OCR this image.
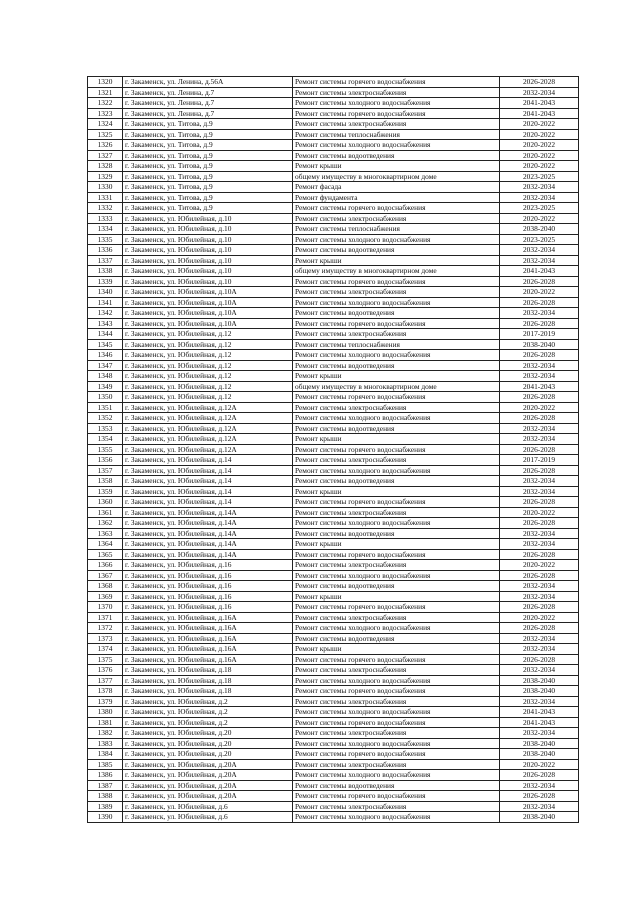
1320	г. Закаменск, ул. Ленина, д.56А	Ремонт системы горячего водоснабжения	2026-2028
1321	г. Закаменск, ул. Ленина, д.7	Ремонт системы электроснабжения	2032-2034
1322	г. Закаменск, ул. Ленина, д.7	Ремонт системы холодного водоснабжения	2041-2043
1323	г. Закаменск, ул. Ленина, д.7	Ремонт системы горячего водоснабжения	2041-2043
1324	г. Закаменск, ул. Титова, д.9	Ремонт системы электроснабжения	2020-2022
1325	г. Закаменск, ул. Титова, д.9	Ремонт системы теплоснабжения	2020-2022
1326	г. Закаменск, ул. Титова, д.9	Ремонт системы холодного водоснабжения	2020-2022
1327	г. Закаменск, ул. Титова, д.9	Ремонт системы водоотведения	2020-2022
1328	г. Закаменск, ул. Титова, д.9	Ремонт крыши	2020-2022
1329	г. Закаменск, ул. Титова, д.9	общему имуществу в многоквартирном доме	2023-2025
1330	г. Закаменск, ул. Титова, д.9	Ремонт фасада	2032-2034
1331	г. Закаменск, ул. Титова, д.9	Ремонт фундамента	2032-2034
1332	г. Закаменск, ул. Титова, д.9	Ремонт системы горячего водоснабжения	2023-2025
1333	г. Закаменск, ул. Юбилейная, д.10	Ремонт системы электроснабжения	2020-2022
1334	г. Закаменск, ул. Юбилейная, д.10	Ремонт системы теплоснабжения	2038-2040
1335	г. Закаменск, ул. Юбилейная, д.10	Ремонт системы холодного водоснабжения	2023-2025
1336	г. Закаменск, ул. Юбилейная, д.10	Ремонт системы водоотведения	2032-2034
1337	г. Закаменск, ул. Юбилейная, д.10	Ремонт крыши	2032-2034
1338	г. Закаменск, ул. Юбилейная, д.10	общему имуществу в многоквартирном доме	2041-2043
1339	г. Закаменск, ул. Юбилейная, д.10	Ремонт системы горячего водоснабжения	2026-2028
1340	г. Закаменск, ул. Юбилейная, д.10А	Ремонт системы электроснабжения	2020-2022
1341	г. Закаменск, ул. Юбилейная, д.10А	Ремонт системы холодного водоснабжения	2026-2028
1342	г. Закаменск, ул. Юбилейная, д.10А	Ремонт системы водоотведения	2032-2034
1343	г. Закаменск, ул. Юбилейная, д.10А	Ремонт системы горячего водоснабжения	2026-2028
1344	г. Закаменск, ул. Юбилейная, д.12	Ремонт системы электроснабжения	2017-2019
1345	г. Закаменск, ул. Юбилейная, д.12	Ремонт системы теплоснабжения	2038-2040
1346	г. Закаменск, ул. Юбилейная, д.12	Ремонт системы холодного водоснабжения	2026-2028
1347	г. Закаменск, ул. Юбилейная, д.12	Ремонт системы водоотведения	2032-2034
1348	г. Закаменск, ул. Юбилейная, д.12	Ремонт крыши	2032-2034
1349	г. Закаменск, ул. Юбилейная, д.12	общему имуществу в многоквартирном доме	2041-2043
1350	г. Закаменск, ул. Юбилейная, д.12	Ремонт системы горячего водоснабжения	2026-2028
1351	г. Закаменск, ул. Юбилейная, д.12А	Ремонт системы электроснабжения	2020-2022
1352	г. Закаменск, ул. Юбилейная, д.12А	Ремонт системы холодного водоснабжения	2026-2028
1353	г. Закаменск, ул. Юбилейная, д.12А	Ремонт системы водоотведения	2032-2034
1354	г. Закаменск, ул. Юбилейная, д.12А	Ремонт крыши	2032-2034
1355	г. Закаменск, ул. Юбилейная, д.12А	Ремонт системы горячего водоснабжения	2026-2028
1356	г. Закаменск, ул. Юбилейная, д.14	Ремонт системы электроснабжения	2017-2019
1357	г. Закаменск, ул. Юбилейная, д.14	Ремонт системы холодного водоснабжения	2026-2028
1358	г. Закаменск, ул. Юбилейная, д.14	Ремонт системы водоотведения	2032-2034
1359	г. Закаменск, ул. Юбилейная, д.14	Ремонт крыши	2032-2034
1360	г. Закаменск, ул. Юбилейная, д.14	Ремонт системы горячего водоснабжения	2026-2028
1361	г. Закаменск, ул. Юбилейная, д.14А	Ремонт системы электроснабжения	2020-2022
1362	г. Закаменск, ул. Юбилейная, д.14А	Ремонт системы холодного водоснабжения	2026-2028
1363	г. Закаменск, ул. Юбилейная, д.14А	Ремонт системы водоотведения	2032-2034
1364	г. Закаменск, ул. Юбилейная, д.14А	Ремонт крыши	2032-2034
1365	г. Закаменск, ул. Юбилейная, д.14А	Ремонт системы горячего водоснабжения	2026-2028
1366	г. Закаменск, ул. Юбилейная, д.16	Ремонт системы электроснабжения	2020-2022
1367	г. Закаменск, ул. Юбилейная, д.16	Ремонт системы холодного водоснабжения	2026-2028
1368	г. Закаменск, ул. Юбилейная, д.16	Ремонт системы водоотведения	2032-2034
1369	г. Закаменск, ул. Юбилейная, д.16	Ремонт крыши	2032-2034
1370	г. Закаменск, ул. Юбилейная, д.16	Ремонт системы горячего водоснабжения	2026-2028
1371	г. Закаменск, ул. Юбилейная, д.16А	Ремонт системы электроснабжения	2020-2022
1372	г. Закаменск, ул. Юбилейная, д.16А	Ремонт системы холодного водоснабжения	2026-2028
1373	г. Закаменск, ул. Юбилейная, д.16А	Ремонт системы водоотведения	2032-2034
1374	г. Закаменск, ул. Юбилейная, д.16А	Ремонт крыши	2032-2034
1375	г. Закаменск, ул. Юбилейная, д.16А	Ремонт системы горячего водоснабжения	2026-2028
1376	г. Закаменск, ул. Юбилейная, д.18	Ремонт системы электроснабжения	2032-2034
1377	г. Закаменск, ул. Юбилейная, д.18	Ремонт системы холодного водоснабжения	2038-2040
1378	г. Закаменск, ул. Юбилейная, д.18	Ремонт системы горячего водоснабжения	2038-2040
1379	г. Закаменск, ул. Юбилейная, д.2	Ремонт системы электроснабжения	2032-2034
1380	г. Закаменск, ул. Юбилейная, д.2	Ремонт системы холодного водоснабжения	2041-2043
1381	г. Закаменск, ул. Юбилейная, д.2	Ремонт системы горячего водоснабжения	2041-2043
1382	г. Закаменск, ул. Юбилейная, д.20	Ремонт системы электроснабжения	2032-2034
1383	г. Закаменск, ул. Юбилейная, д.20	Ремонт системы холодного водоснабжения	2038-2040
1384	г. Закаменск, ул. Юбилейная, д.20	Ремонт системы горячего водоснабжения	2038-2040
1385	г. Закаменск, ул. Юбилейная, д.20А	Ремонт системы электроснабжения	2020-2022
1386	г. Закаменск, ул. Юбилейная, д.20А	Ремонт системы холодного водоснабжения	2026-2028
1387	г. Закаменск, ул. Юбилейная, д.20А	Ремонт системы водоотведения	2032-2034
1388	г. Закаменск, ул. Юбилейная, д.20А	Ремонт системы горячего водоснабжения	2026-2028
1389	г. Закаменск, ул. Юбилейная, д.6	Ремонт системы электроснабжения	2032-2034
1390	г. Закаменск, ул. Юбилейная, д.6	Ремонт системы холодного водоснабжения	2038-2040
